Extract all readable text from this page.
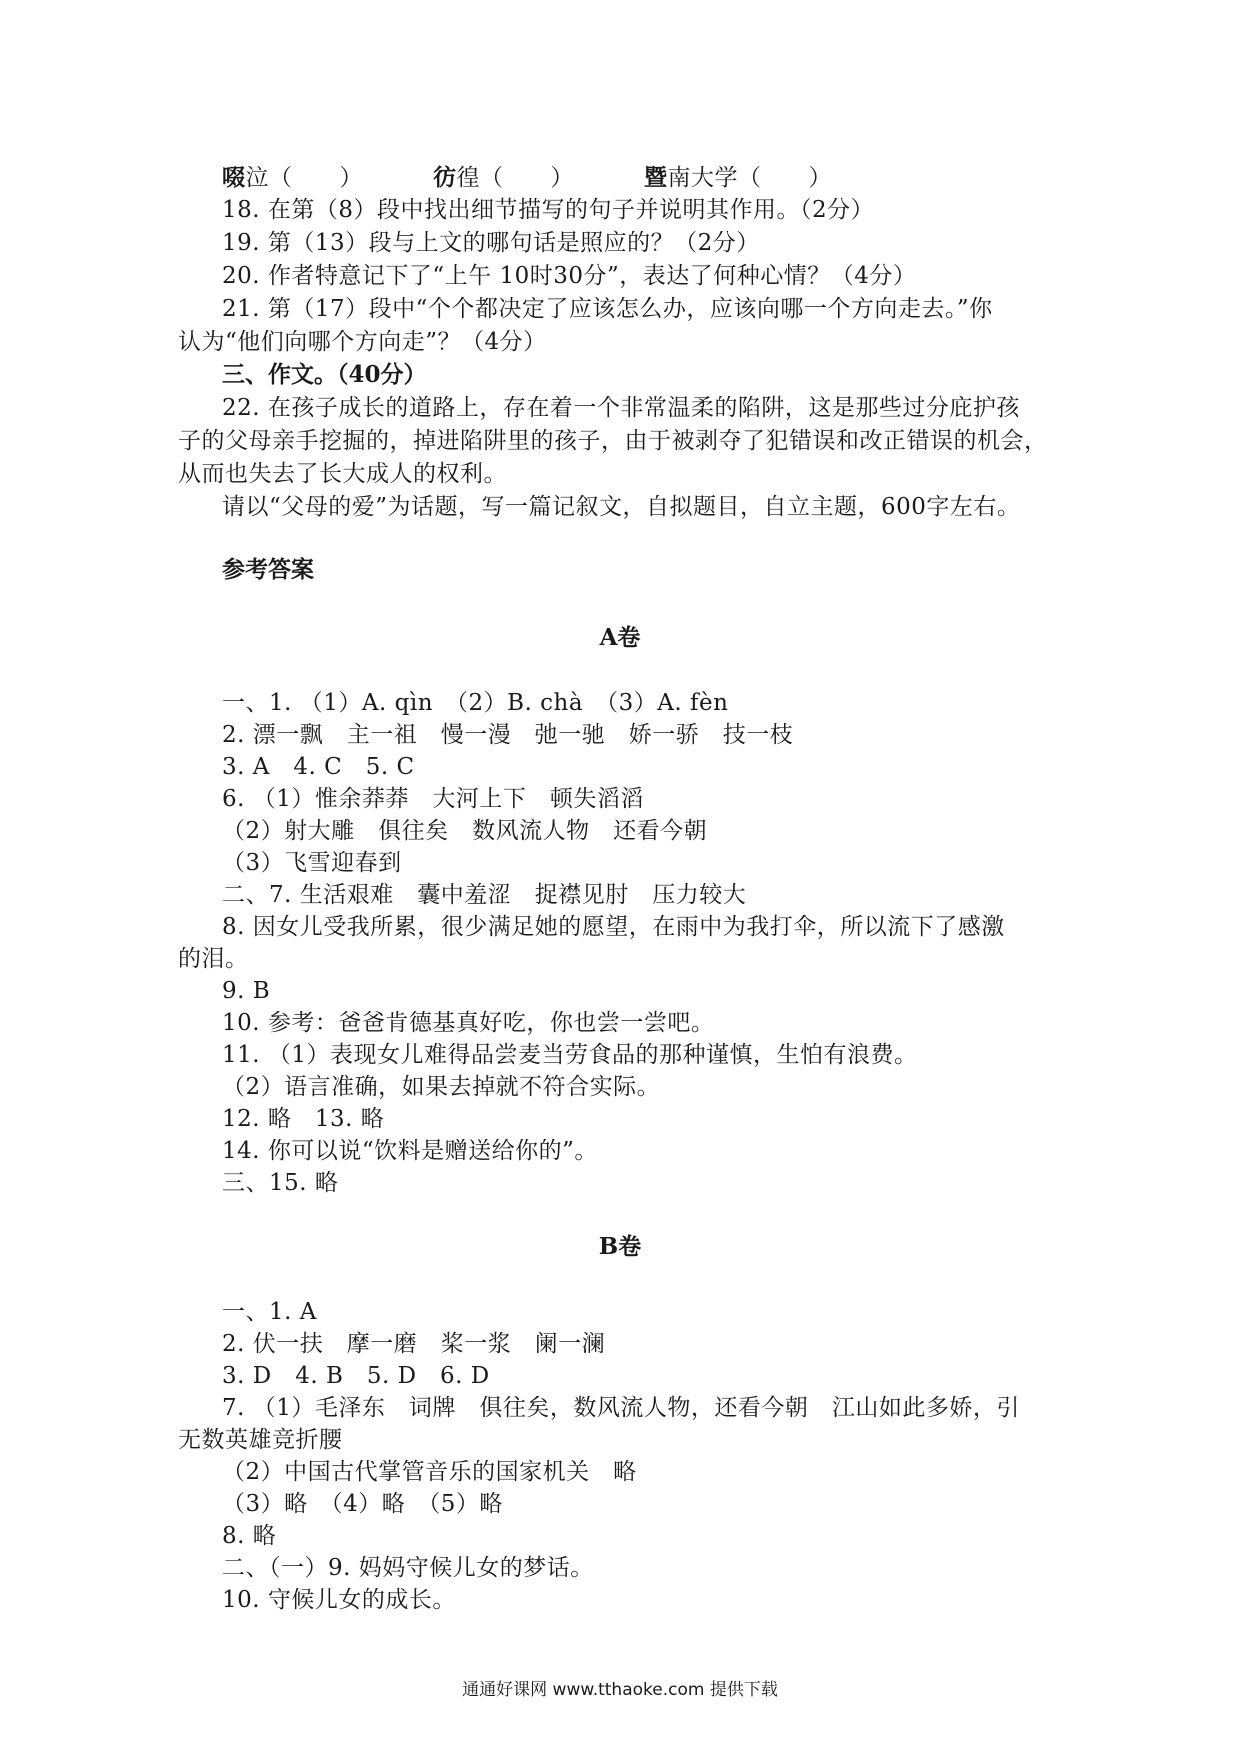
啜泣（　　）	彷徨（　　）	暨南大学（　　）
18. 在第（8）段中找出细节描写的句子并说明其作用。（2分）
19. 第（13）段与上文的哪句话是照应的？（2分）
20. 作者特意记下了“上午 10时30分”，表达了何种心情？（4分）
21. 第（17）段中“个个都决定了应该怎么办，应该向哪一个方向走去。”你
认为“他们向哪个方向走”？（4分）
三、作文。（40分）
22. 在孩子成长的道路上，存在着一个非常温柔的陷阱，这是那些过分庇护孩
子的父母亲手挖掘的，掉进陷阱里的孩子，由于被剥夺了犯错误和改正错误的机会，
从而也失去了长大成人的权利。
请以“父母的爱”为话题，写一篇记叙文，自拟题目，自立主题，600字左右。
参考答案
A卷
一、1. （1）A. qìn　（2）B. chà　（3）A. fèn
2. 漂一飘　主一祖　慢一漫　弛一驰　娇一骄　技一枝
3. A　4. C　5. C
6. （1）惟余莽莽　大河上下　顿失滔滔
（2）射大雕　俱往矣　数风流人物　还看今朝
（3）飞雪迎春到
二、7. 生活艰难　囊中羞涩　捉襟见肘　压力较大
8. 因女儿受我所累，很少满足她的愿望，在雨中为我打伞，所以流下了感激
的泪。
9. B
10. 参考：爸爸肯德基真好吃，你也尝一尝吧。
11. （1）表现女儿难得品尝麦当劳食品的那种谨慎，生怕有浪费。
（2）语言准确，如果去掉就不符合实际。
12. 略　13. 略
14. 你可以说“饮料是赠送给你的”。
三、15. 略
B卷
一、1. A
2. 伏一扶　摩一磨　桨一浆　阑一澜
3. D　4. B　5. D　6. D
7. （1）毛泽东　词牌　俱往矣，数风流人物，还看今朝　江山如此多娇，引
无数英雄竞折腰
（2）中国古代掌管音乐的国家机关　略
（3）略　（4）略　（5）略
8. 略
二、（一）9. 妈妈守候儿女的梦话。
10. 守候儿女的成长。
通通好课网 www.tthaoke.com 提供下载
